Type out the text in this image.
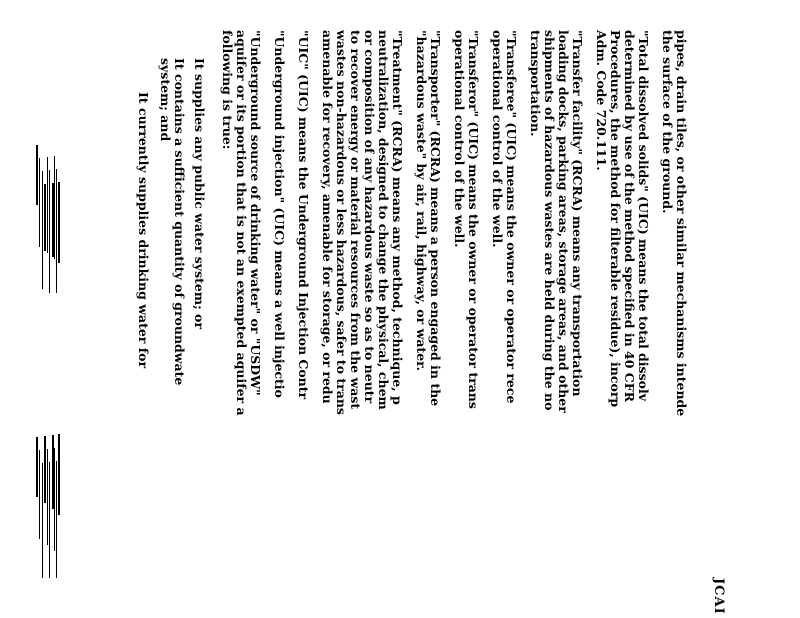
JCAI
pipes, drain tiles, or other similar mechanisms intende
the surface of the ground.
"Total dissolved solids" (UIC) means the total dissolv
determined by use of the method specified in 40 CFR
Procedures, the method for filterable residue), incorp
Adm. Code 720.111.
"Transfer facility" (RCRA) means any transportation
loading docks, parking areas, storage areas, and other
shipments of hazardous wastes are held during the no
transportation.
"Transferee" (UIC) means the owner or operator rece
operational control of the well.
"Transferor" (UIC) means the owner or operator trans
operational control of the well.
"Transporter" (RCRA) means a person engaged in the
"hazardous waste" by air, rail, highway, or water.
"Treatment" (RCRA) means any method, technique, p
neutralization, designed to change the physical, chem
or composition of any hazardous waste so as to neutr
to recover energy or material resources from the wast
wastes non-hazardous or less hazardous, safer to trans
amenable for recovery, amenable for storage, or redu
"UIC" (UIC) means the Underground Injection Contr
"Underground injection" (UIC) means a well injectio
"Underground source of drinking water" or "USDW"
aquifer or its portion that is not an exempted aquifer a
following is true:
It supplies any public water system; or
It contains a sufficient quantity of groundwate
system; and
It currently supplies drinking water for
